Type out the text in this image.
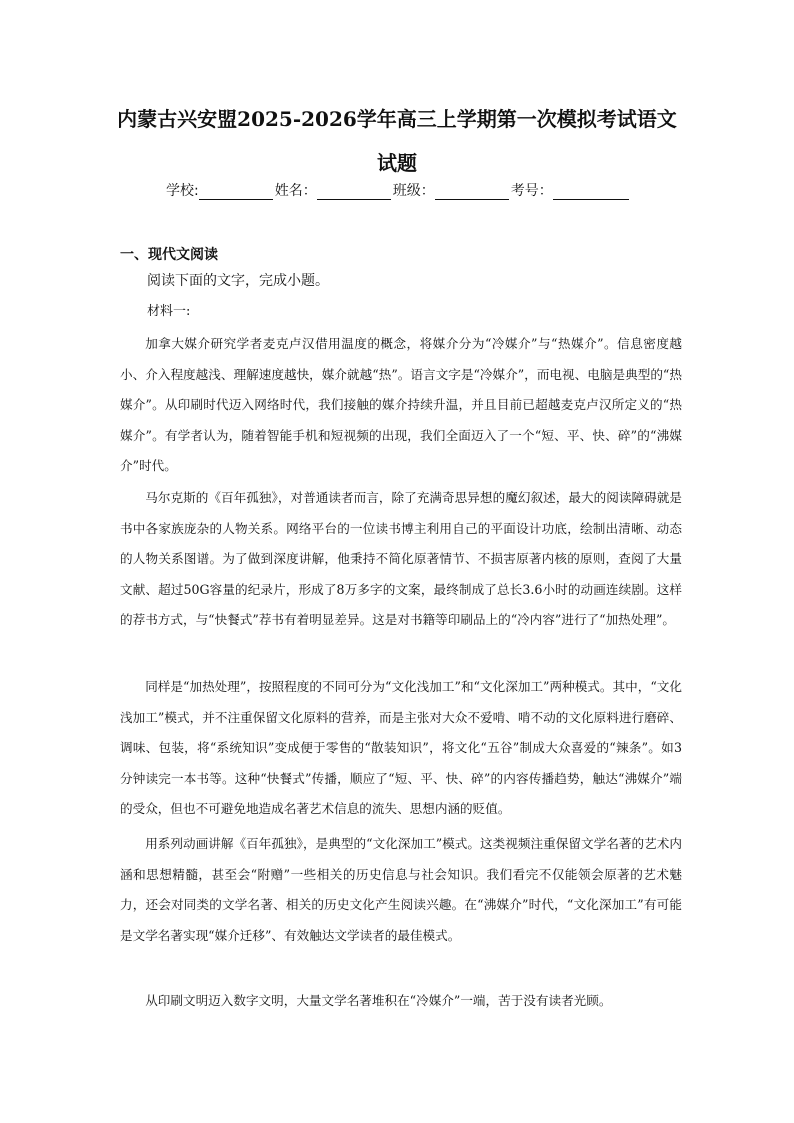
内蒙古兴安盟2025-2026学年高三上学期第一次模拟考试语文
试题
学校:	姓名：	班级：	考号：
一、现代文阅读
阅读下面的文字，完成小题。
材料一:

加拿大媒介研究学者麦克卢汉借用温度的概念，将媒介分为“冷媒介”与“热媒介”。信息密度越小、介入程度越浅、理解速度越快，媒介就越“热”。语言文字是“冷媒介”，而电视、电脑是典型的“热媒介”。从印刷时代迈入网络时代，我们接触的媒介持续升温，并且目前已超越麦克卢汉所定义的“热媒介”。有学者认为，随着智能手机和短视频的出现，我们全面迈入了一个“短、平、快、碎”的“沸媒介”时代。

马尔克斯的《百年孤独》，对普通读者而言，除了充满奇思异想的魔幻叙述，最大的阅读障碍就是书中各家族庞杂的人物关系。网络平台的一位读书博主利用自己的平面设计功底，绘制出清晰、动态的人物关系图谱。为了做到深度讲解，他秉持不简化原著情节、不损害原著内核的原则，查阅了大量文献、超过50G容量的纪录片，形成了8万多字的文案，最终制成了总长3.6小时的动画连续剧。这样的荐书方式，与“快餐式”荐书有着明显差异。这是对书籍等印刷品上的“冷内容”进行了“加热处理”。

同样是“加热处理”，按照程度的不同可分为“文化浅加工”和“文化深加工”两种模式。其中，“文化浅加工”模式，并不注重保留文化原料的营养，而是主张对大众不爱啃、啃不动的文化原料进行磨碎、调味、包装，将“系统知识”变成便于零售的“散装知识”，将文化“五谷”制成大众喜爱的“辣条”。如3分钟读完一本书等。这种“快餐式”传播，顺应了“短、平、快、碎”的内容传播趋势，触达“沸媒介”端的受众，但也不可避免地造成名著艺术信息的流失、思想内涵的贬值。

用系列动画讲解《百年孤独》，是典型的“文化深加工”模式。这类视频注重保留文学名著的艺术内涵和思想精髓，甚至会“附赠”一些相关的历史信息与社会知识。我们看完不仅能领会原著的艺术魅力，还会对同类的文学名著、相关的历史文化产生阅读兴趣。在“沸媒介”时代，“文化深加工”有可能是文学名著实现“媒介迁移”、有效触达文学读者的最佳模式。

从印刷文明迈入数字文明，大量文学名著堆积在“冷媒介”一端，苦于没有读者光顾。
